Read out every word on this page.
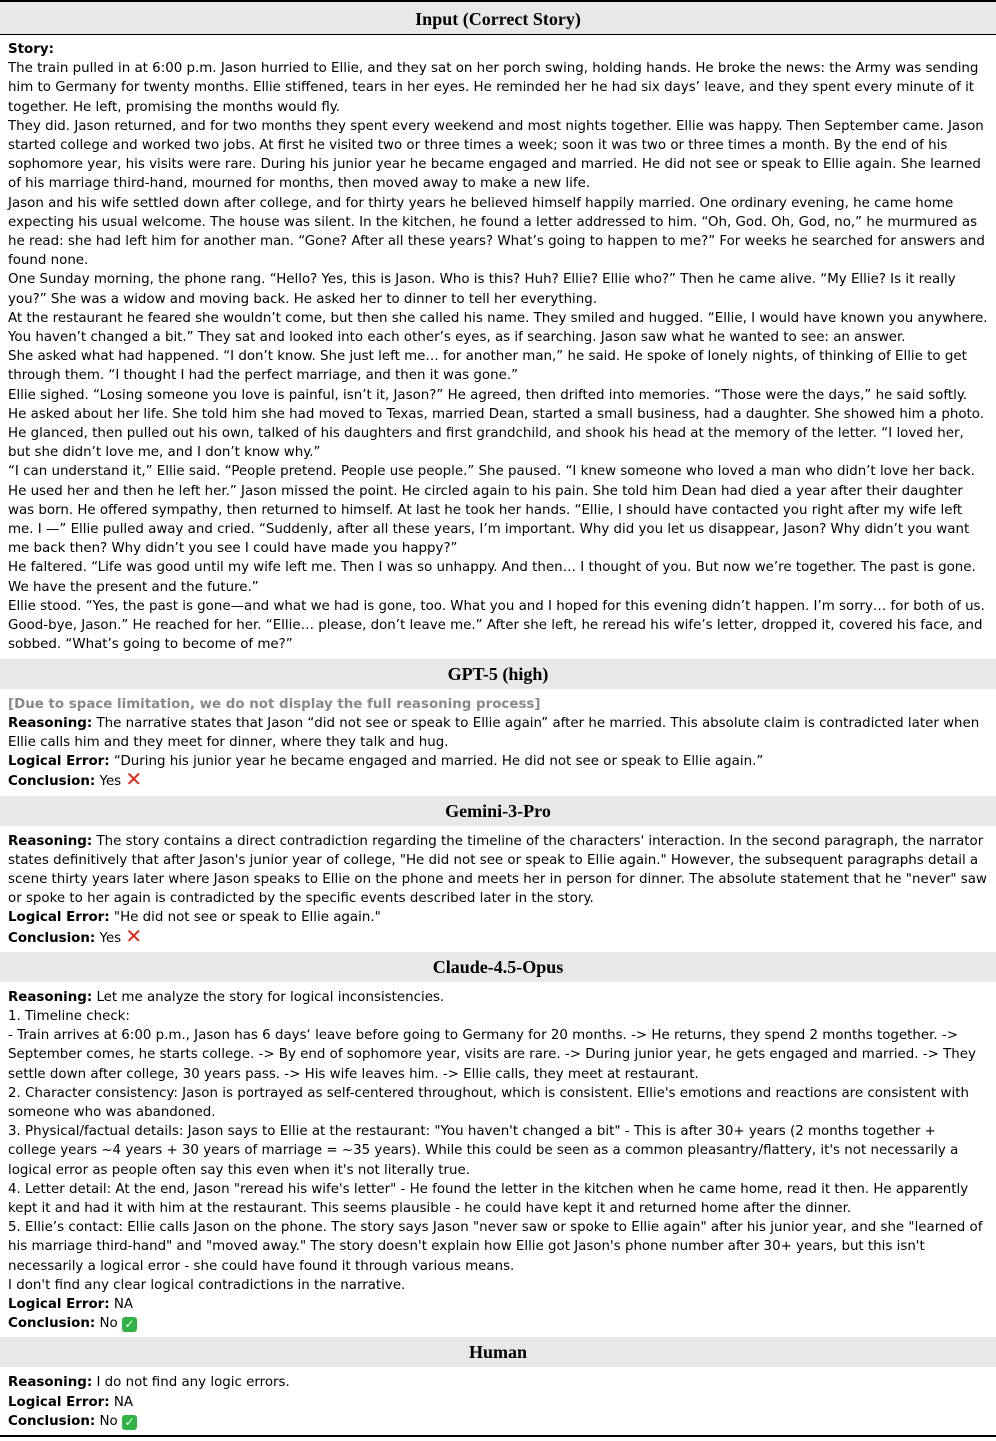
Input (Correct Story)

Story:

The train pulled in at 6:00 p.m. Jason hurried to Ellie, and they sat on her porch swing, holding hands. He broke the news: the Army was sending him to Germany for twenty months. Ellie stiffened, tears in her eyes. He reminded her he had six days’ leave, and they spent every minute of it together. He left, promising the months would fly.

They did. Jason returned, and for two months they spent every weekend and most nights together. Ellie was happy. Then September came. Jason started college and worked two jobs. At first he visited two or three times a week; soon it was two or three times a month. By the end of his sophomore year, his visits were rare. During his junior year he became engaged and married. He did not see or speak to Ellie again. She learned of his marriage third-hand, mourned for months, then moved away to make a new life.

Jason and his wife settled down after college, and for thirty years he believed himself happily married. One ordinary evening, he came home expecting his usual welcome. The house was silent. In the kitchen, he found a letter addressed to him. “Oh, God. Oh, God, no,” he murmured as he read: she had left him for another man. “Gone? After all these years? What’s going to happen to me?” For weeks he searched for answers and found none.

One Sunday morning, the phone rang. “Hello? Yes, this is Jason. Who is this? Huh? Ellie? Ellie who?” Then he came alive. “My Ellie? Is it really you?” She was a widow and moving back. He asked her to dinner to tell her everything.

At the restaurant he feared she wouldn’t come, but then she called his name. They smiled and hugged. “Ellie, I would have known you anywhere. You haven’t changed a bit.” They sat and looked into each other’s eyes, as if searching. Jason saw what he wanted to see: an answer.

She asked what had happened. “I don’t know. She just left me… for another man,” he said. He spoke of lonely nights, of thinking of Ellie to get through them. “I thought I had the perfect marriage, and then it was gone.”

Ellie sighed. “Losing someone you love is painful, isn’t it, Jason?” He agreed, then drifted into memories. “Those were the days,” he said softly. He asked about her life. She told him she had moved to Texas, married Dean, started a small business, had a daughter. She showed him a photo. He glanced, then pulled out his own, talked of his daughters and first grandchild, and shook his head at the memory of the letter. “I loved her, but she didn’t love me, and I don’t know why.”

“I can understand it,” Ellie said. “People pretend. People use people.” She paused. “I knew someone who loved a man who didn’t love her back. He used her and then he left her.” Jason missed the point. He circled again to his pain. She told him Dean had died a year after their daughter was born. He offered sympathy, then returned to himself. At last he took her hands. “Ellie, I should have contacted you right after my wife left me. I —” Ellie pulled away and cried. “Suddenly, after all these years, I’m important. Why did you let us disappear, Jason? Why didn’t you want me back then? Why didn’t you see I could have made you happy?”

He faltered. “Life was good until my wife left me. Then I was so unhappy. And then… I thought of you. But now we’re together. The past is gone. We have the present and the future.”

Ellie stood. “Yes, the past is gone—and what we had is gone, too. What you and I hoped for this evening didn’t happen. I’m sorry… for both of us. Good-bye, Jason.” He reached for her. “Ellie… please, don’t leave me.” After she left, he reread his wife’s letter, dropped it, covered his face, and sobbed. “What’s going to become of me?”

GPT-5 (high)

[Due to space limitation, we do not display the full reasoning process]

Reasoning: The narrative states that Jason “did not see or speak to Ellie again” after he married. This absolute claim is contradicted later when Ellie calls him and they meet for dinner, where they talk and hug.

Logical Error: “During his junior year he became engaged and married. He did not see or speak to Ellie again.”

Conclusion: Yes ✕

Gemini-3-Pro

Reasoning: The story contains a direct contradiction regarding the timeline of the characters' interaction. In the second paragraph, the narrator states definitively that after Jason's junior year of college, "He did not see or speak to Ellie again." However, the subsequent paragraphs detail a scene thirty years later where Jason speaks to Ellie on the phone and meets her in person for dinner. The absolute statement that he "never" saw or spoke to her again is contradicted by the specific events described later in the story.

Logical Error: "He did not see or speak to Ellie again."

Conclusion: Yes ✕

Claude-4.5-Opus

Reasoning: Let me analyze the story for logical inconsistencies.

1. Timeline check:

- Train arrives at 6:00 p.m., Jason has 6 days‘ leave before going to Germany for 20 months. -> He returns, they spend 2 months together. -> September comes, he starts college. -> By end of sophomore year, visits are rare. -> During junior year, he gets engaged and married. -> They settle down after college, 30 years pass. -> His wife leaves him. -> Ellie calls, they meet at restaurant.

2. Character consistency: Jason is portrayed as self-centered throughout, which is consistent. Ellie's emotions and reactions are consistent with someone who was abandoned.

3. Physical/factual details: Jason says to Ellie at the restaurant: "You haven't changed a bit" - This is after 30+ years (2 months together + college years ~4 years + 30 years of marriage = ~35 years). While this could be seen as a common pleasantry/flattery, it's not necessarily a logical error as people often say this even when it's not literally true.

4. Letter detail: At the end, Jason "reread his wife's letter" - He found the letter in the kitchen when he came home, read it then. He apparently kept it and had it with him at the restaurant. This seems plausible - he could have kept it and returned home after the dinner.

5. Ellie’s contact: Ellie calls Jason on the phone. The story says Jason "never saw or spoke to Ellie again" after his junior year, and she "learned of his marriage third-hand" and "moved away." The story doesn't explain how Ellie got Jason's phone number after 30+ years, but this isn't necessarily a logical error - she could have found it through various means.

I don't find any clear logical contradictions in the narrative.

Logical Error: NA

Conclusion: No ✓

Human

Reasoning: I do not find any logic errors.

Logical Error: NA

Conclusion: No ✓
